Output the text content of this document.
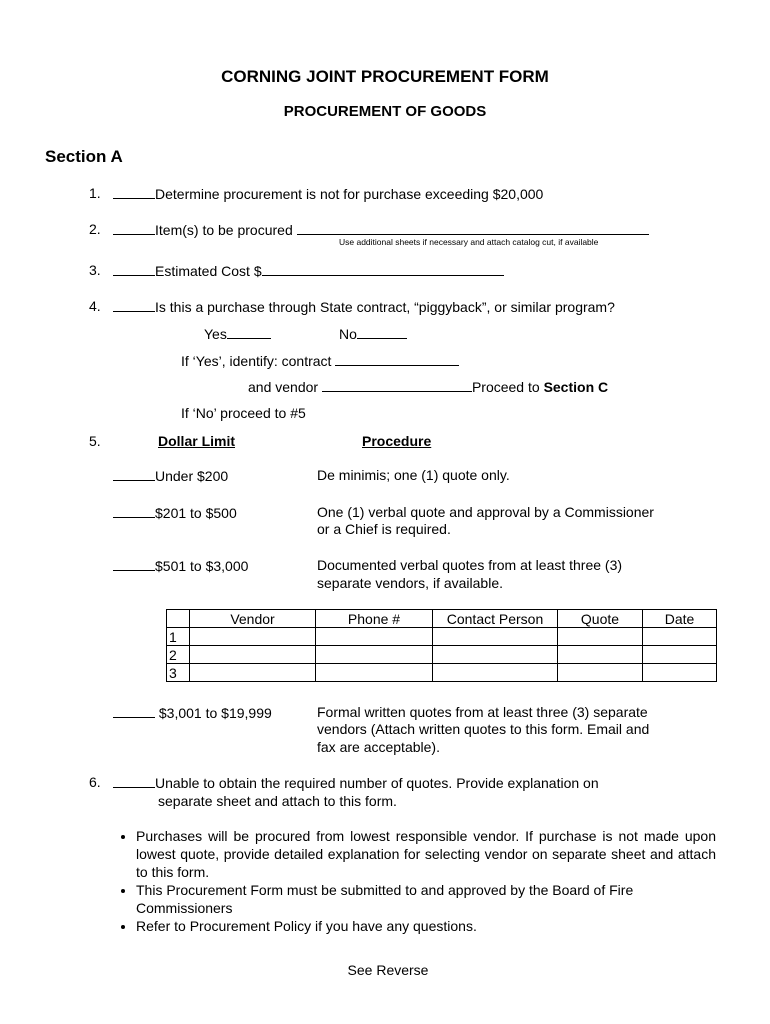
CORNING JOINT PROCUREMENT FORM
PROCUREMENT OF GOODS
Section A
1.	Determine procurement is not for purchase exceeding $20,000
2.	Item(s) to be procured
Use additional sheets if necessary and attach catalog cut, if available
3.	Estimated Cost $
4.	Is this a purchase through State contract, “piggyback”, or similar program?
Yes	No
If ‘Yes’, identify: contract
and vendor	Proceed to Section C
If ‘No’ proceed to #5
5.	Dollar Limit	Procedure
Under $200	De minimis; one (1) quote only.
$201 to $500	One (1) verbal quote and approval by a Commissioner
or a Chief is required.
$501 to $3,000	Documented verbal quotes from at least three (3)
separate vendors, if available.
	Vendor	Phone #	Contact Person	Quote	Date
1					
2					
3					
$3,001 to $19,999	Formal written quotes from at least three (3) separate
vendors (Attach written quotes to this form. Email and
fax are acceptable).
6.	Unable to obtain the required number of quotes. Provide explanation on
separate sheet and attach to this form.
• Purchases will be procured from lowest responsible vendor. If purchase is not made upon lowest quote, provide detailed explanation for selecting vendor on separate sheet and attach to this form.
• This Procurement Form must be submitted to and approved by the Board of Fire Commissioners
• Refer to Procurement Policy if you have any questions.
See Reverse
